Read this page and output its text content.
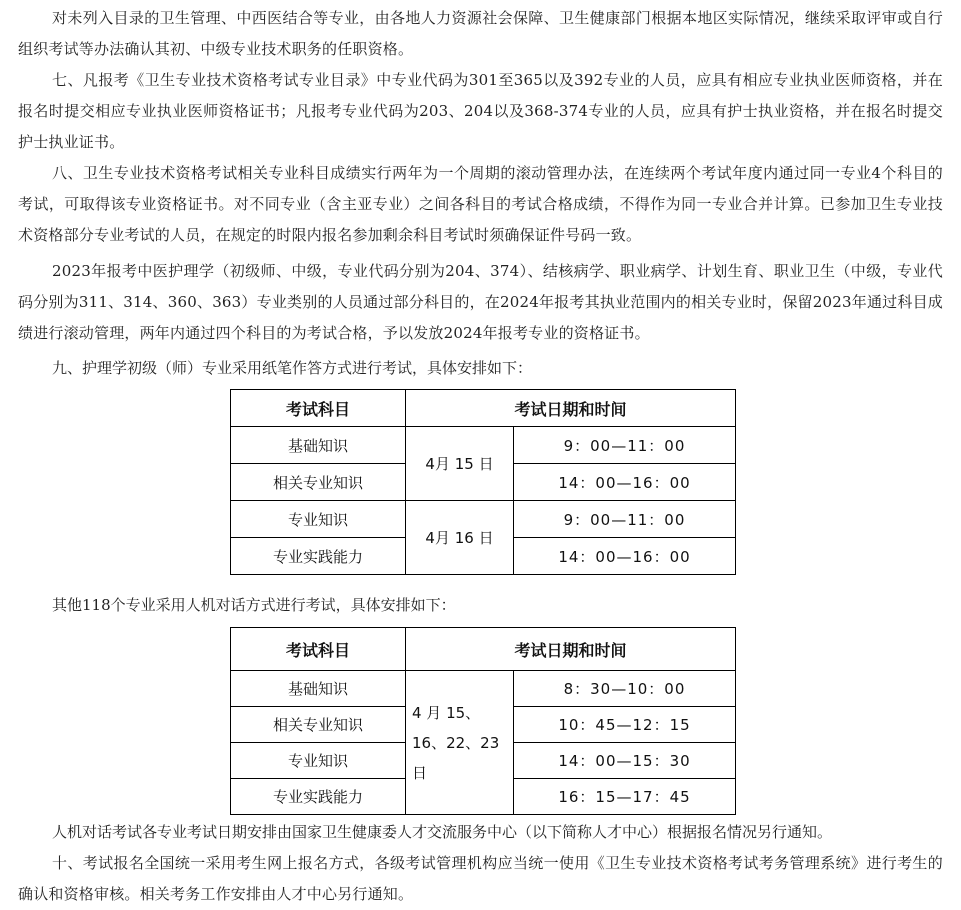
对未列入目录的卫生管理、中西医结合等专业，由各地人力资源社会保障、卫生健康部门根据本地区实际情况，继续采取评审或自行组织考试等办法确认其初、中级专业技术职务的任职资格。

七、凡报考《卫生专业技术资格考试专业目录》中专业代码为301至365以及392专业的人员，应具有相应专业执业医师资格，并在报名时提交相应专业执业医师资格证书；凡报考专业代码为203、204以及368-374专业的人员，应具有护士执业资格，并在报名时提交护士执业证书。

八、卫生专业技术资格考试相关专业科目成绩实行两年为一个周期的滚动管理办法，在连续两个考试年度内通过同一专业4个科目的考试，可取得该专业资格证书。对不同专业（含主亚专业）之间各科目的考试合格成绩，不得作为同一专业合并计算。已参加卫生专业技术资格部分专业考试的人员，在规定的时限内报名参加剩余科目考试时须确保证件号码一致。

2023年报考中医护理学（初级师、中级，专业代码分别为204、374）、结核病学、职业病学、计划生育、职业卫生（中级，专业代码分别为311、314、360、363）专业类别的人员通过部分科目的，在2024年报考其执业范围内的相关专业时，保留2023年通过科目成绩进行滚动管理，两年内通过四个科目的为考试合格，予以发放2024年报考专业的资格证书。

九、护理学初级（师）专业采用纸笔作答方式进行考试，具体安排如下：

考试科目	考试日期和时间	
基础知识	4月 15 日	9：00—11：00
相关专业知识		14：00—16：00
专业知识	4月 16 日	9：00—11：00
专业实践能力		14：00—16：00

其他118个专业采用人机对话方式进行考试，具体安排如下：

考试科目	考试日期和时间	
基础知识	4 月 15、16、22、23 日	8：30—10：00
相关专业知识		10：45—12：15
专业知识		14：00—15：30
专业实践能力		16：15—17：45

人机对话考试各专业考试日期安排由国家卫生健康委人才交流服务中心（以下简称人才中心）根据报名情况另行通知。

十、考试报名全国统一采用考生网上报名方式，各级考试管理机构应当统一使用《卫生专业技术资格考试考务管理系统》进行考生的确认和资格审核。相关考务工作安排由人才中心另行通知。
